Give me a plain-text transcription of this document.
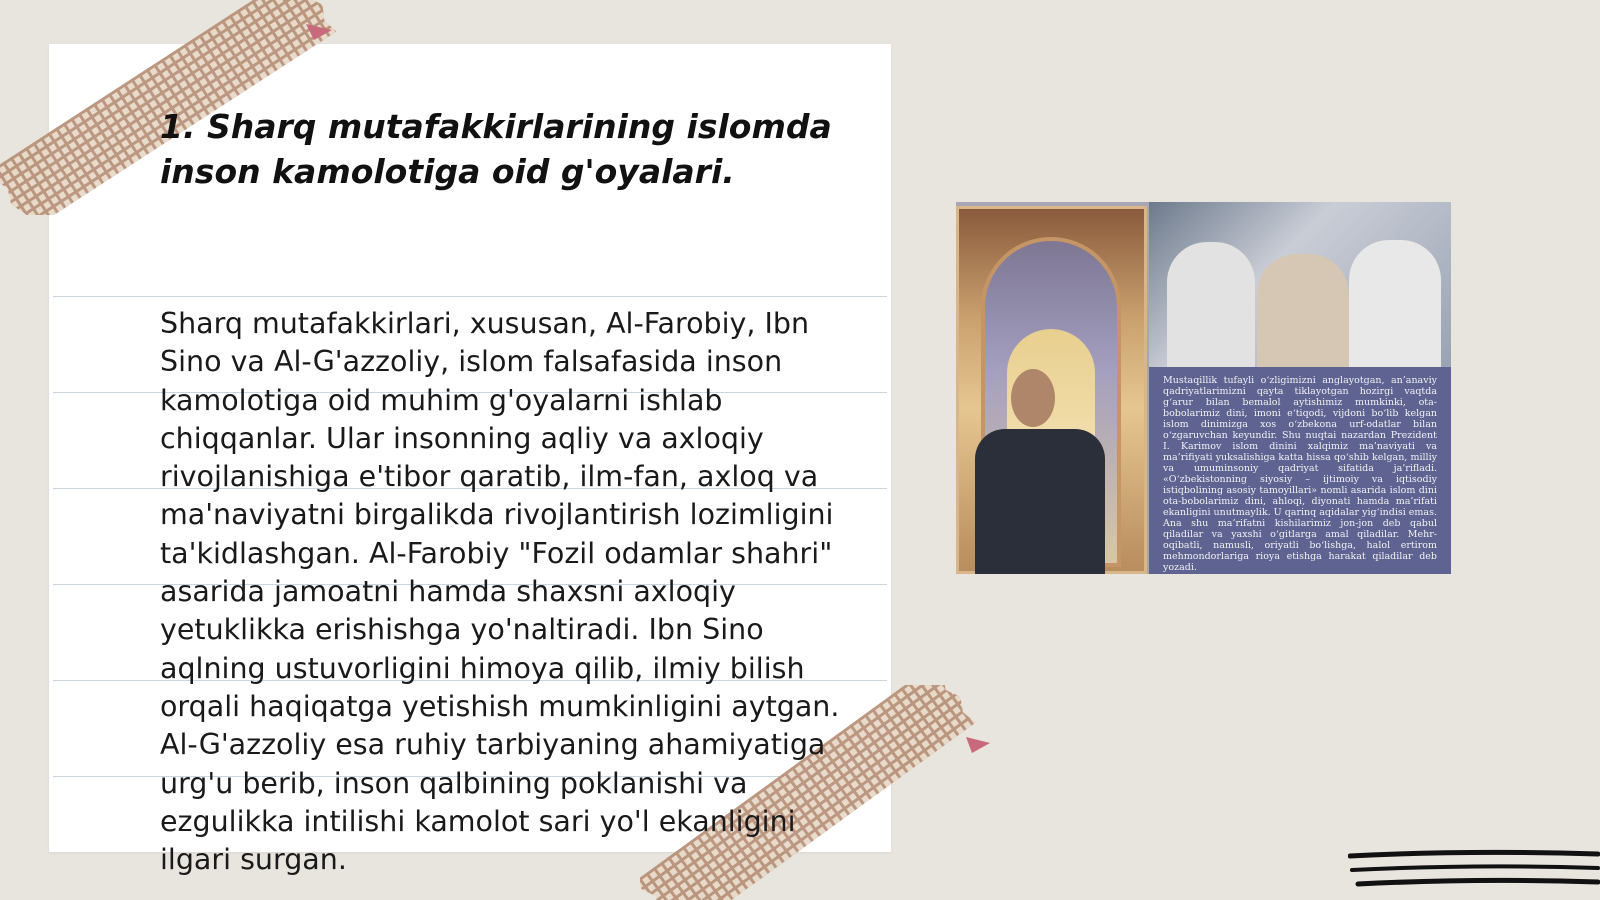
1. Sharq mutafakkirlarining islomda inson kamolotiga oid g'oyalari.

Sharq mutafakkirlari, xususan, Al-Farobiy, Ibn Sino va Al-G'azzoliy, islom falsafasida inson kamolotiga oid muhim g'oyalarni ishlab chiqqanlar. Ular insonning aqliy va axloqiy rivojlanishiga e'tibor qaratib, ilm-fan, axloq va ma'naviyatni birgalikda rivojlantirish lozimligini ta'kidlashgan. Al-Farobiy "Fozil odamlar shahri" asarida jamoatni hamda shaxsni axloqiy yetuklikka erishishga yo'naltiradi. Ibn Sino aqlning ustuvorligini himoya qilib, ilmiy bilish orqali haqiqatga yetishish mumkinligini aytgan. Al-G'azzoliy esa ruhiy tarbiyaning ahamiyatiga urg'u berib, inson qalbining poklanishi va ezgulikka intilishi kamolot sari yo'l ekanligini ilgari surgan.

Mustaqillik tufayli o‘zligimizni anglayotgan, an’anaviy qadriyatlarimizni qayta tiklayotgan hozirgi vaqtda g‘arur bilan bemalol aytishimiz mumkinki, ota-bobolarimiz dini, imoni e‘tiqodi, vijdoni bo‘lib kelgan islom dinimizga xos o‘zbekona urf-odatlar bilan o‘zgaruvchan keyundir. Shu nuqtai nazardan Prezident I. Karimov islom dinini xalqimiz ma’naviyati va ma’rifiyati yuksalishiga katta hissa qo‘shib kelgan, milliy va umuminsoniy qadriyat sifatida ja’rifladi. «O‘zbekistonning siyosiy – ijtimoiy va iqtisodiy istiqbolining asosiy tamoyillari» nomli asarida islom dini ota-bobolarimiz dini, ahloqi, diyonati hamda ma’rifati ekanligini unutmaylik. U qarinq aqidalar yig‘indisi emas. Ana shu ma’rifatni kishilarimiz jon-jon deb qabul qiladilar va yaxshi o‘gitlarga amal qiladilar. Mehr-oqibatli, namusli, oriyatli bo‘lishga, halol ertirom mehmondorlariga rioya etishga harakat qiladilar deb yozadi.
